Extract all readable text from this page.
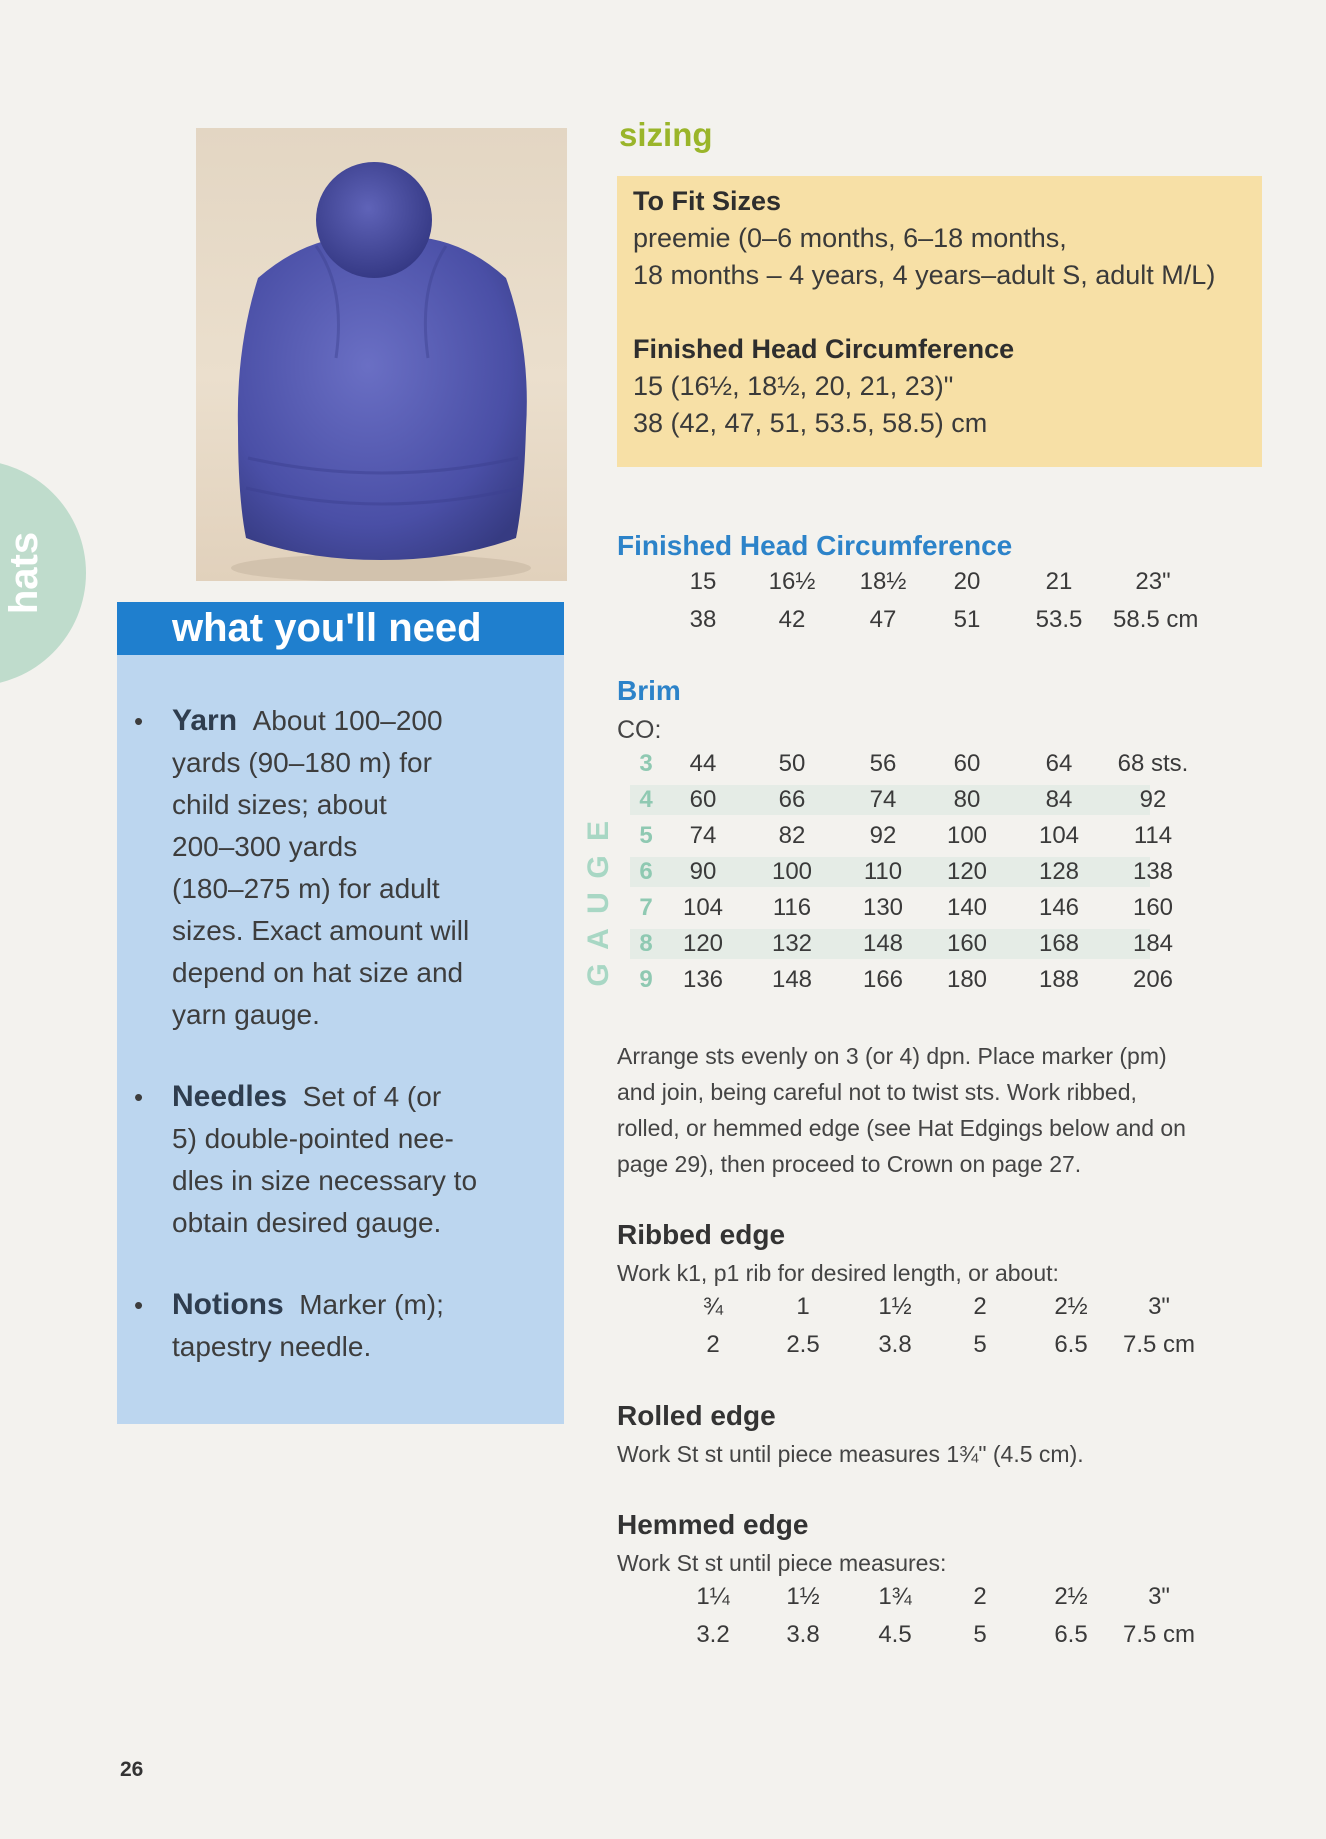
hats
what you'll need
• Yarn About 100–200
yards (90–180 m) for
child sizes; about
200–300 yards
(180–275 m) for adult
sizes. Exact amount will
depend on hat size and
yarn gauge.
• Needles Set of 4 (or
5) double-pointed nee-
dles in size necessary to
obtain desired gauge.
• Notions Marker (m);
tapestry needle.
sizing
To Fit Sizes
preemie (0–6 months, 6–18 months,
18 months – 4 years, 4 years–adult S, adult M/L)
Finished Head Circumference
15 (16½, 18½, 20, 21, 23)"
38 (42, 47, 51, 53.5, 58.5) cm
Finished Head Circumference
15	16½	18½	20	21	23"
38	42	47	51	53.5	58.5 cm
Brim
CO:
3	44	50	56	60	64	68 sts.
4	60	66	74	80	84	92
5	74	82	92	100	104	114
6	90	100	110	120	128	138
7	104	116	130	140	146	160
8	120	132	148	160	168	184
9	136	148	166	180	188	206
G
A
U
G
E
Arrange sts evenly on 3 (or 4) dpn. Place marker (pm)
and join, being careful not to twist sts. Work ribbed,
rolled, or hemmed edge (see Hat Edgings below and on
page 29), then proceed to Crown on page 27.
Ribbed edge
Work k1, p1 rib for desired length, or about:
¾	1	1½	2	2½	3"
2	2.5	3.8	5	6.5	7.5 cm
Rolled edge
Work St st until piece measures 1¾" (4.5 cm).
Hemmed edge
Work St st until piece measures:
1¼	1½	1¾	2	2½	3"
3.2	3.8	4.5	5	6.5	7.5 cm
26
